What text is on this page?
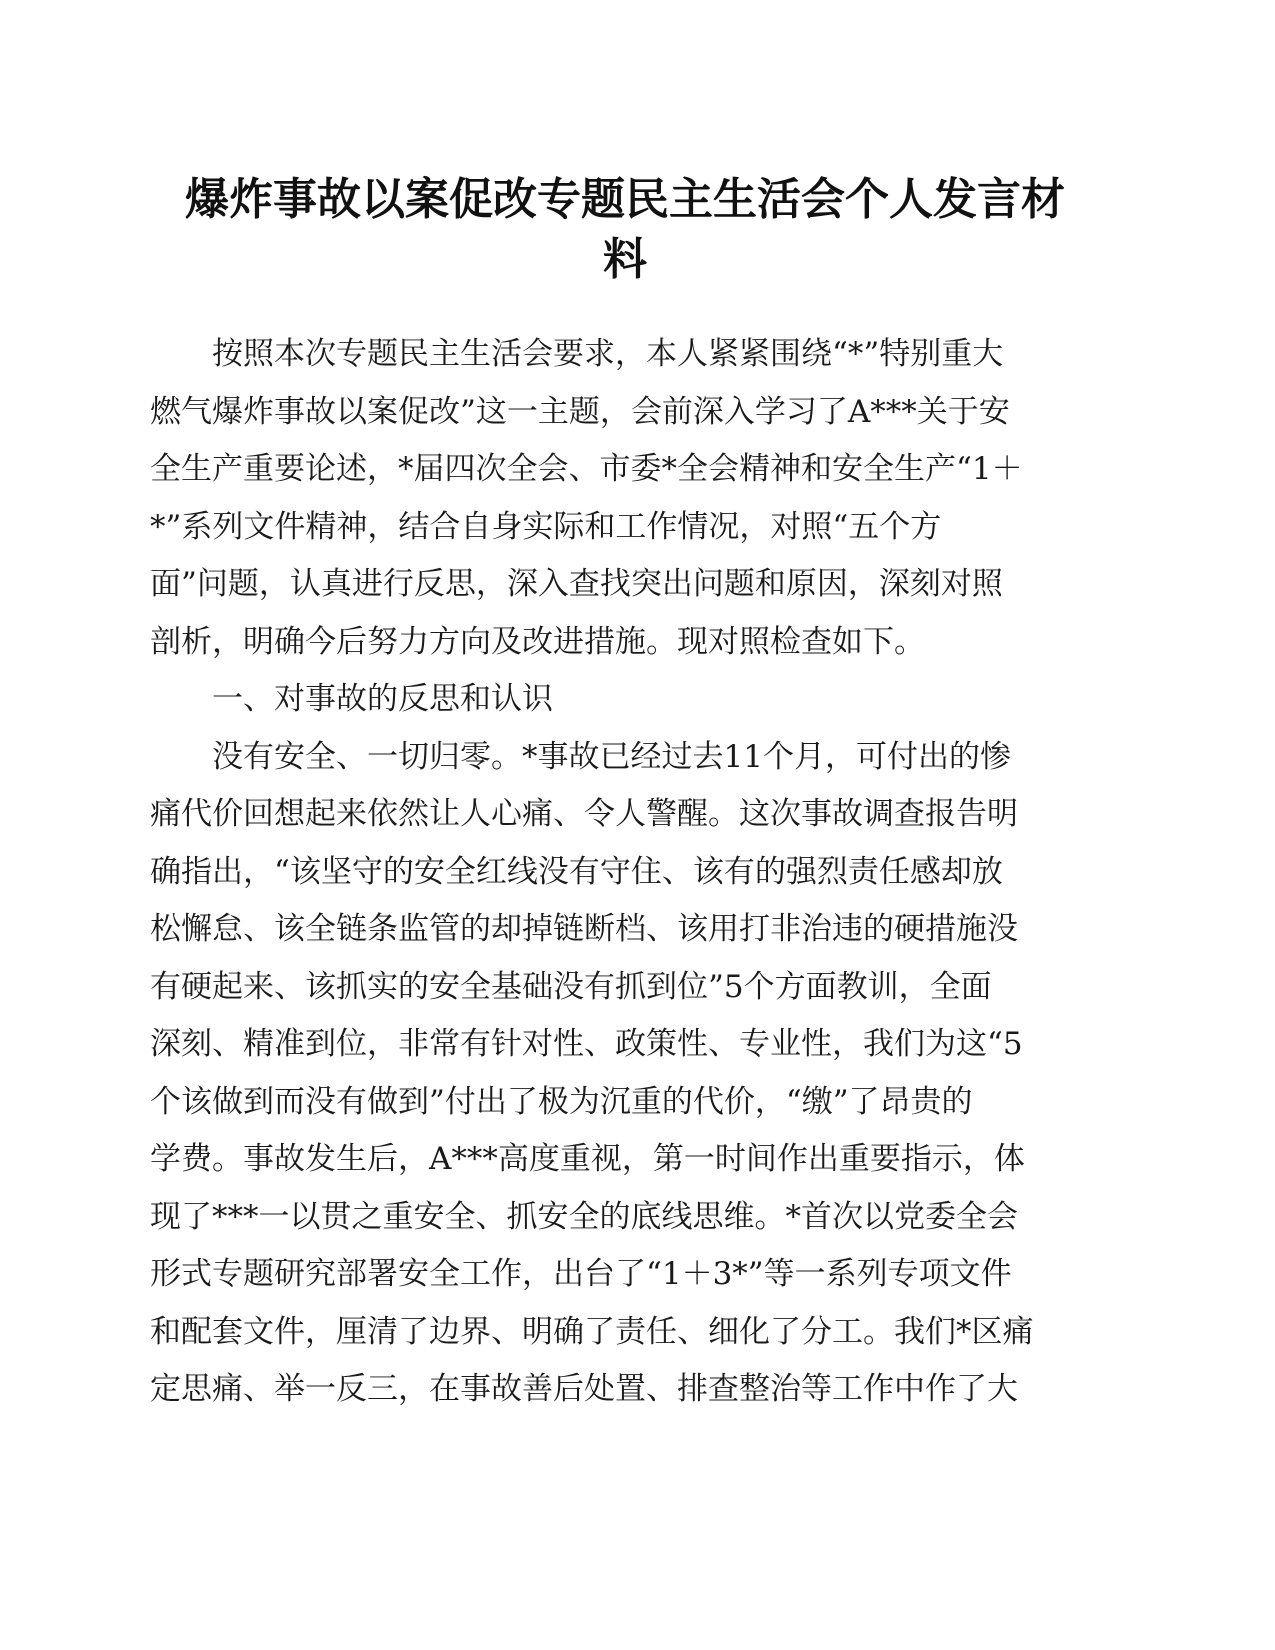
爆炸事故以案促改专题民主生活会个人发言材
料
按照本次专题民主生活会要求，本人紧紧围绕“*”特别重大
燃气爆炸事故以案促改”这一主题，会前深入学习了A***关于安
全生产重要论述，*届四次全会、市委*全会精神和安全生产“1＋
*”系列文件精神，结合自身实际和工作情况，对照“五个方
面”问题，认真进行反思，深入查找突出问题和原因，深刻对照
剖析，明确今后努力方向及改进措施。现对照检查如下。
一、对事故的反思和认识
没有安全、一切归零。*事故已经过去11个月，可付出的惨
痛代价回想起来依然让人心痛、令人警醒。这次事故调查报告明
确指出，“该坚守的安全红线没有守住、该有的强烈责任感却放
松懈怠、该全链条监管的却掉链断档、该用打非治违的硬措施没
有硬起来、该抓实的安全基础没有抓到位”5个方面教训，全面
深刻、精准到位，非常有针对性、政策性、专业性，我们为这“5
个该做到而没有做到”付出了极为沉重的代价，“缴”了昂贵的
学费。事故发生后，A***高度重视，第一时间作出重要指示，体
现了***一以贯之重安全、抓安全的底线思维。*首次以党委全会
形式专题研究部署安全工作，出台了“1＋3*”等一系列专项文件
和配套文件，厘清了边界、明确了责任、细化了分工。我们*区痛
定思痛、举一反三，在事故善后处置、排查整治等工作中作了大
